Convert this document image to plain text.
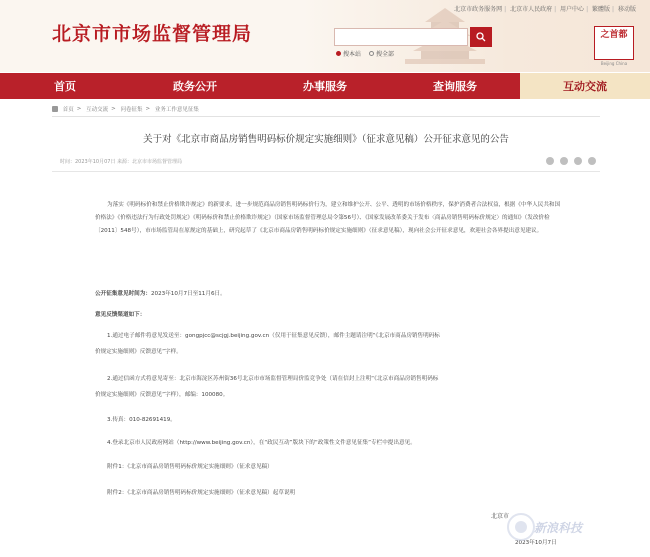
北京市市场监督管理局
北京市政务服务网 | 北京市人民政府 | 用户中心 | 繁體版 | 移动版
搜本站 搜全部
之首都
Beijing China
首页	政务公开	办事服务	查询服务	互动交流
首页 > 互动交流 > 问卷征集 > 业务工作意见征集
关于对《北京市商品房销售明码标价规定实施细则》（征求意见稿）公开征求意见的公告
时间：2023年10月07日 来源：北京市市场监督管理局
为落实《明码标价和禁止价格欺诈规定》的新要求，进一步规范商品房销售明码标价行为，建立和维护公开、公平、透明的市场价格秩序，保护消费者合法权益，根据《中华人民共和国价格法》《价格违法行为行政处罚规定》《明码标价和禁止价格欺诈规定》（国家市场监督管理总局令第56号）、《国家发展改革委关于发布〈商品房销售明码标价规定〉的通知》（发改价检〔2011〕548号），市市场监管局在原规定的基础上，研究起草了《北京市商品房销售明码标价规定实施细则》（征求意见稿），现向社会公开征求意见，欢迎社会各界提出意见建议。
公开征集意见时间为：2023年10月7日至11月6日。
意见反馈渠道如下：
1.通过电子邮件将意见发送至：gongpjcc@scjgj.beijing.gov.cn（仅用于征集意见反馈），邮件主题请注明“《北京市商品房销售明码标
价规定实施细则》反馈意见”字样。
2.通过信函方式将意见寄至：北京市海淀区苏州街36号北京市市场监督管理局价监竞争处（请在信封上注明“《北京市商品房销售明码标
价规定实施细则》反馈意见”字样），邮编：100080。
3.传真：010-82691419。
4.登录北京市人民政府网站（http://www.beijing.gov.cn），在“政民互动”版块下的“政策性文件意见征集”专栏中提出意见。
附件1：《北京市商品房销售明码标价规定实施细则》（征求意见稿）
附件2：《北京市商品房销售明码标价规定实施细则》（征求意见稿）起草说明
北京市
2023年10月7日
新浪科技
